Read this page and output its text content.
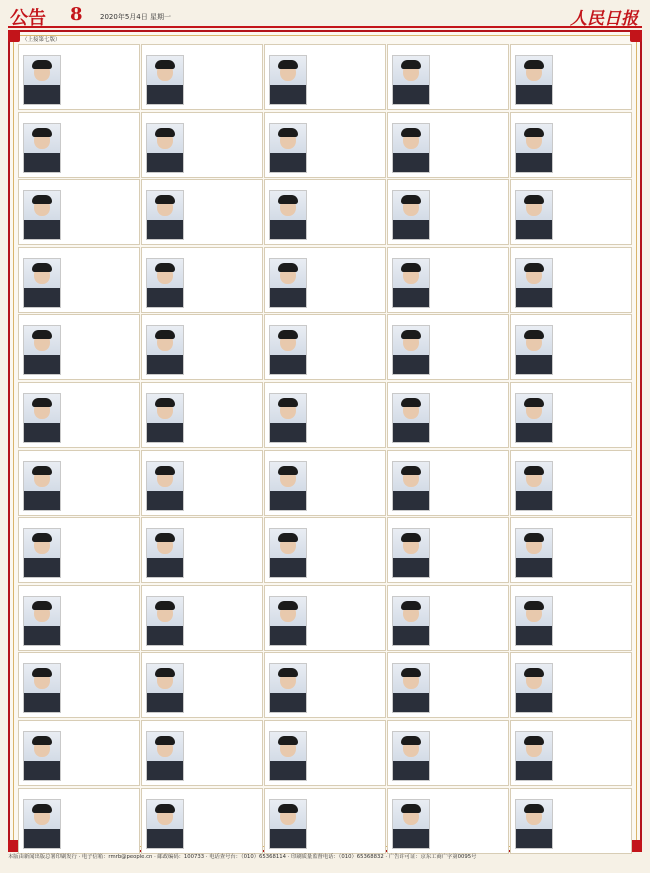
公告 8 2020年5月4日 星期一	人民日报
（上接第七版）
本版由新闻出版总署印刷发行 · 电子信箱：rmrb@people.cn · 邮政编码：100733 · 电话查号台：（010）65368114 · 印刷质量监督电话：（010）65368832 · 广告许可证：京东工商广字第0095号
